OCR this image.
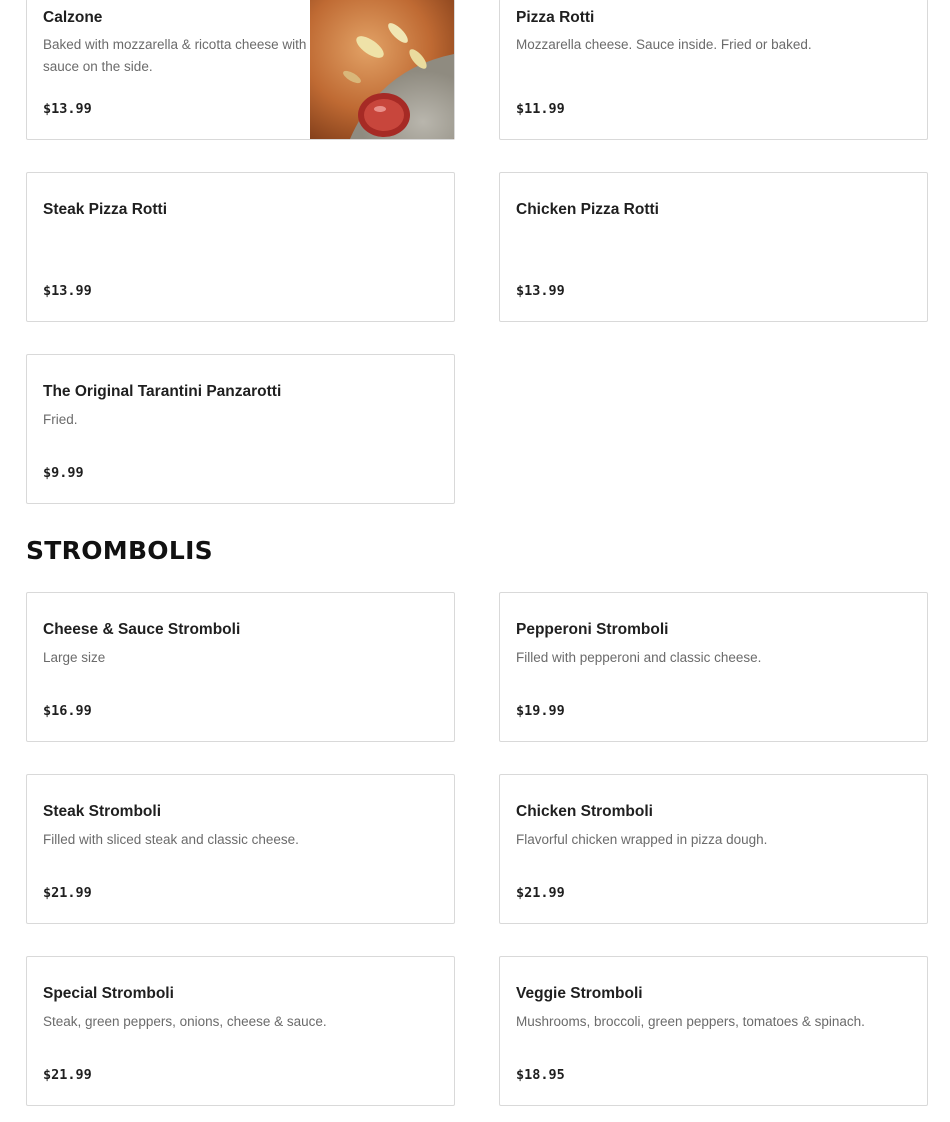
Calzone
Baked with mozzarella & ricotta cheese with sauce on the side.
$13.99
Pizza Rotti
Mozzarella cheese. Sauce inside. Fried or baked.
$11.99
Steak Pizza Rotti
$13.99
Chicken Pizza Rotti
$13.99
The Original Tarantini Panzarotti
Fried.
$9.99
STROMBOLIS
Cheese & Sauce Stromboli
Large size
$16.99
Pepperoni Stromboli
Filled with pepperoni and classic cheese.
$19.99
Steak Stromboli
Filled with sliced steak and classic cheese.
$21.99
Chicken Stromboli
Flavorful chicken wrapped in pizza dough.
$21.99
Special Stromboli
Steak, green peppers, onions, cheese & sauce.
$21.99
Veggie Stromboli
Mushrooms, broccoli, green peppers, tomatoes & spinach.
$18.95
